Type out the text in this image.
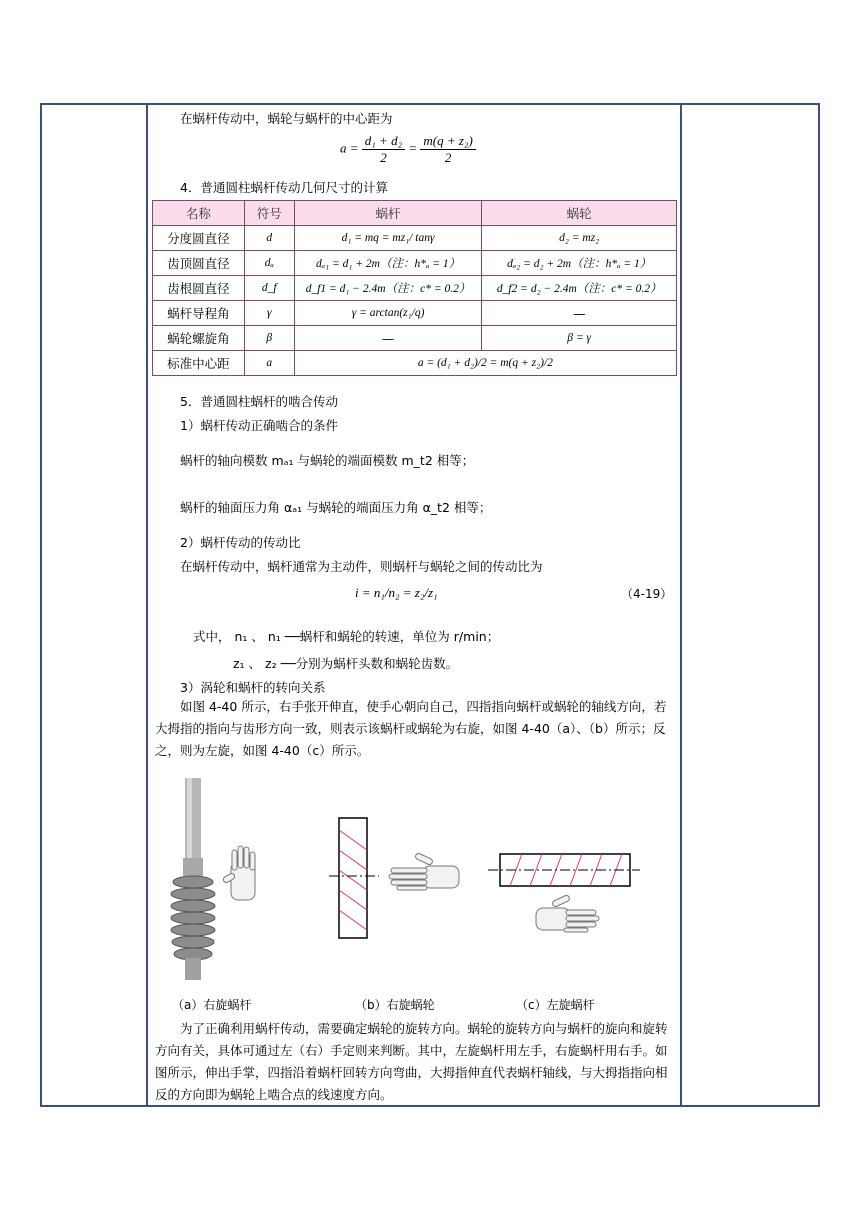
在蜗杆传动中，蜗轮与蜗杆的中心距为
$a = \frac{\text{d₁ + d₂}}{2} = \frac{\text{m(q + z₂)}}{2}$
4．普通圆柱蜗杆传动几何尺寸的计算
名称	符号	蜗杆	蜗轮
分度圆直径	d	d₁ = mq = mz₁/ tanγ	d₂ = mz₂
齿顶圆直径	dₐ	dₐ₁ = d₁ + 2m（注：h*ₐ = 1）	dₐ₂ = d₂ + 2m（注：h*ₐ = 1）
齿根圆直径	d_f	d_f1 = d₁ − 2.4m（注：c* = 0.2）	d_f2 = d₂ − 2.4m（注：c* = 0.2）
蜗杆导程角	γ	γ = arctan(z₁/q)	—
蜗轮螺旋角	β	—	β = γ
标准中心距	a	a = (d₁ + d₂)/2 = m(q + z₂)/2	
5．普通圆柱蜗杆的啮合传动
1）蜗杆传动正确啮合的条件
蜗杆的轴向模数 mₐ₁ 与蜗轮的端面模数 m_t2 相等；
蜗杆的轴面压力角 αₐ₁ 与蜗轮的端面压力角 α_t2 相等；
2）蜗杆传动的传动比
在蜗杆传动中，蜗杆通常为主动件，则蜗杆与蜗轮之间的传动比为
i = n₁/n₂ = z₂/z₁	（4-19）
式中， n₁ 、 n₁ ──蜗杆和蜗轮的转速，单位为 r/min；
z₁ 、 z₂ ──分别为蜗杆头数和蜗轮齿数。
3）涡轮和蜗杆的转向关系
如图 4-40 所示，右手张开伸直，使手心朝向自己，四指指向蜗杆或蜗轮的轴线方向，若大拇指的指向与齿形方向一致，则表示该蜗杆或蜗轮为右旋，如图 4-40（a）、（b）所示；反之，则为左旋，如图 4-40（c）所示。
（a）右旋蜗杆	（b）右旋蜗轮	（c）左旋蜗杆
为了正确利用蜗杆传动，需要确定蜗轮的旋转方向。蜗轮的旋转方向与蜗杆的旋向和旋转方向有关，具体可通过左（右）手定则来判断。其中，左旋蜗杆用左手，右旋蜗杆用右手。如图所示，伸出手掌，四指沿着蜗杆回转方向弯曲，大拇指伸直代表蜗杆轴线，与大拇指指向相反的方向即为蜗轮上啮合点的线速度方向。
